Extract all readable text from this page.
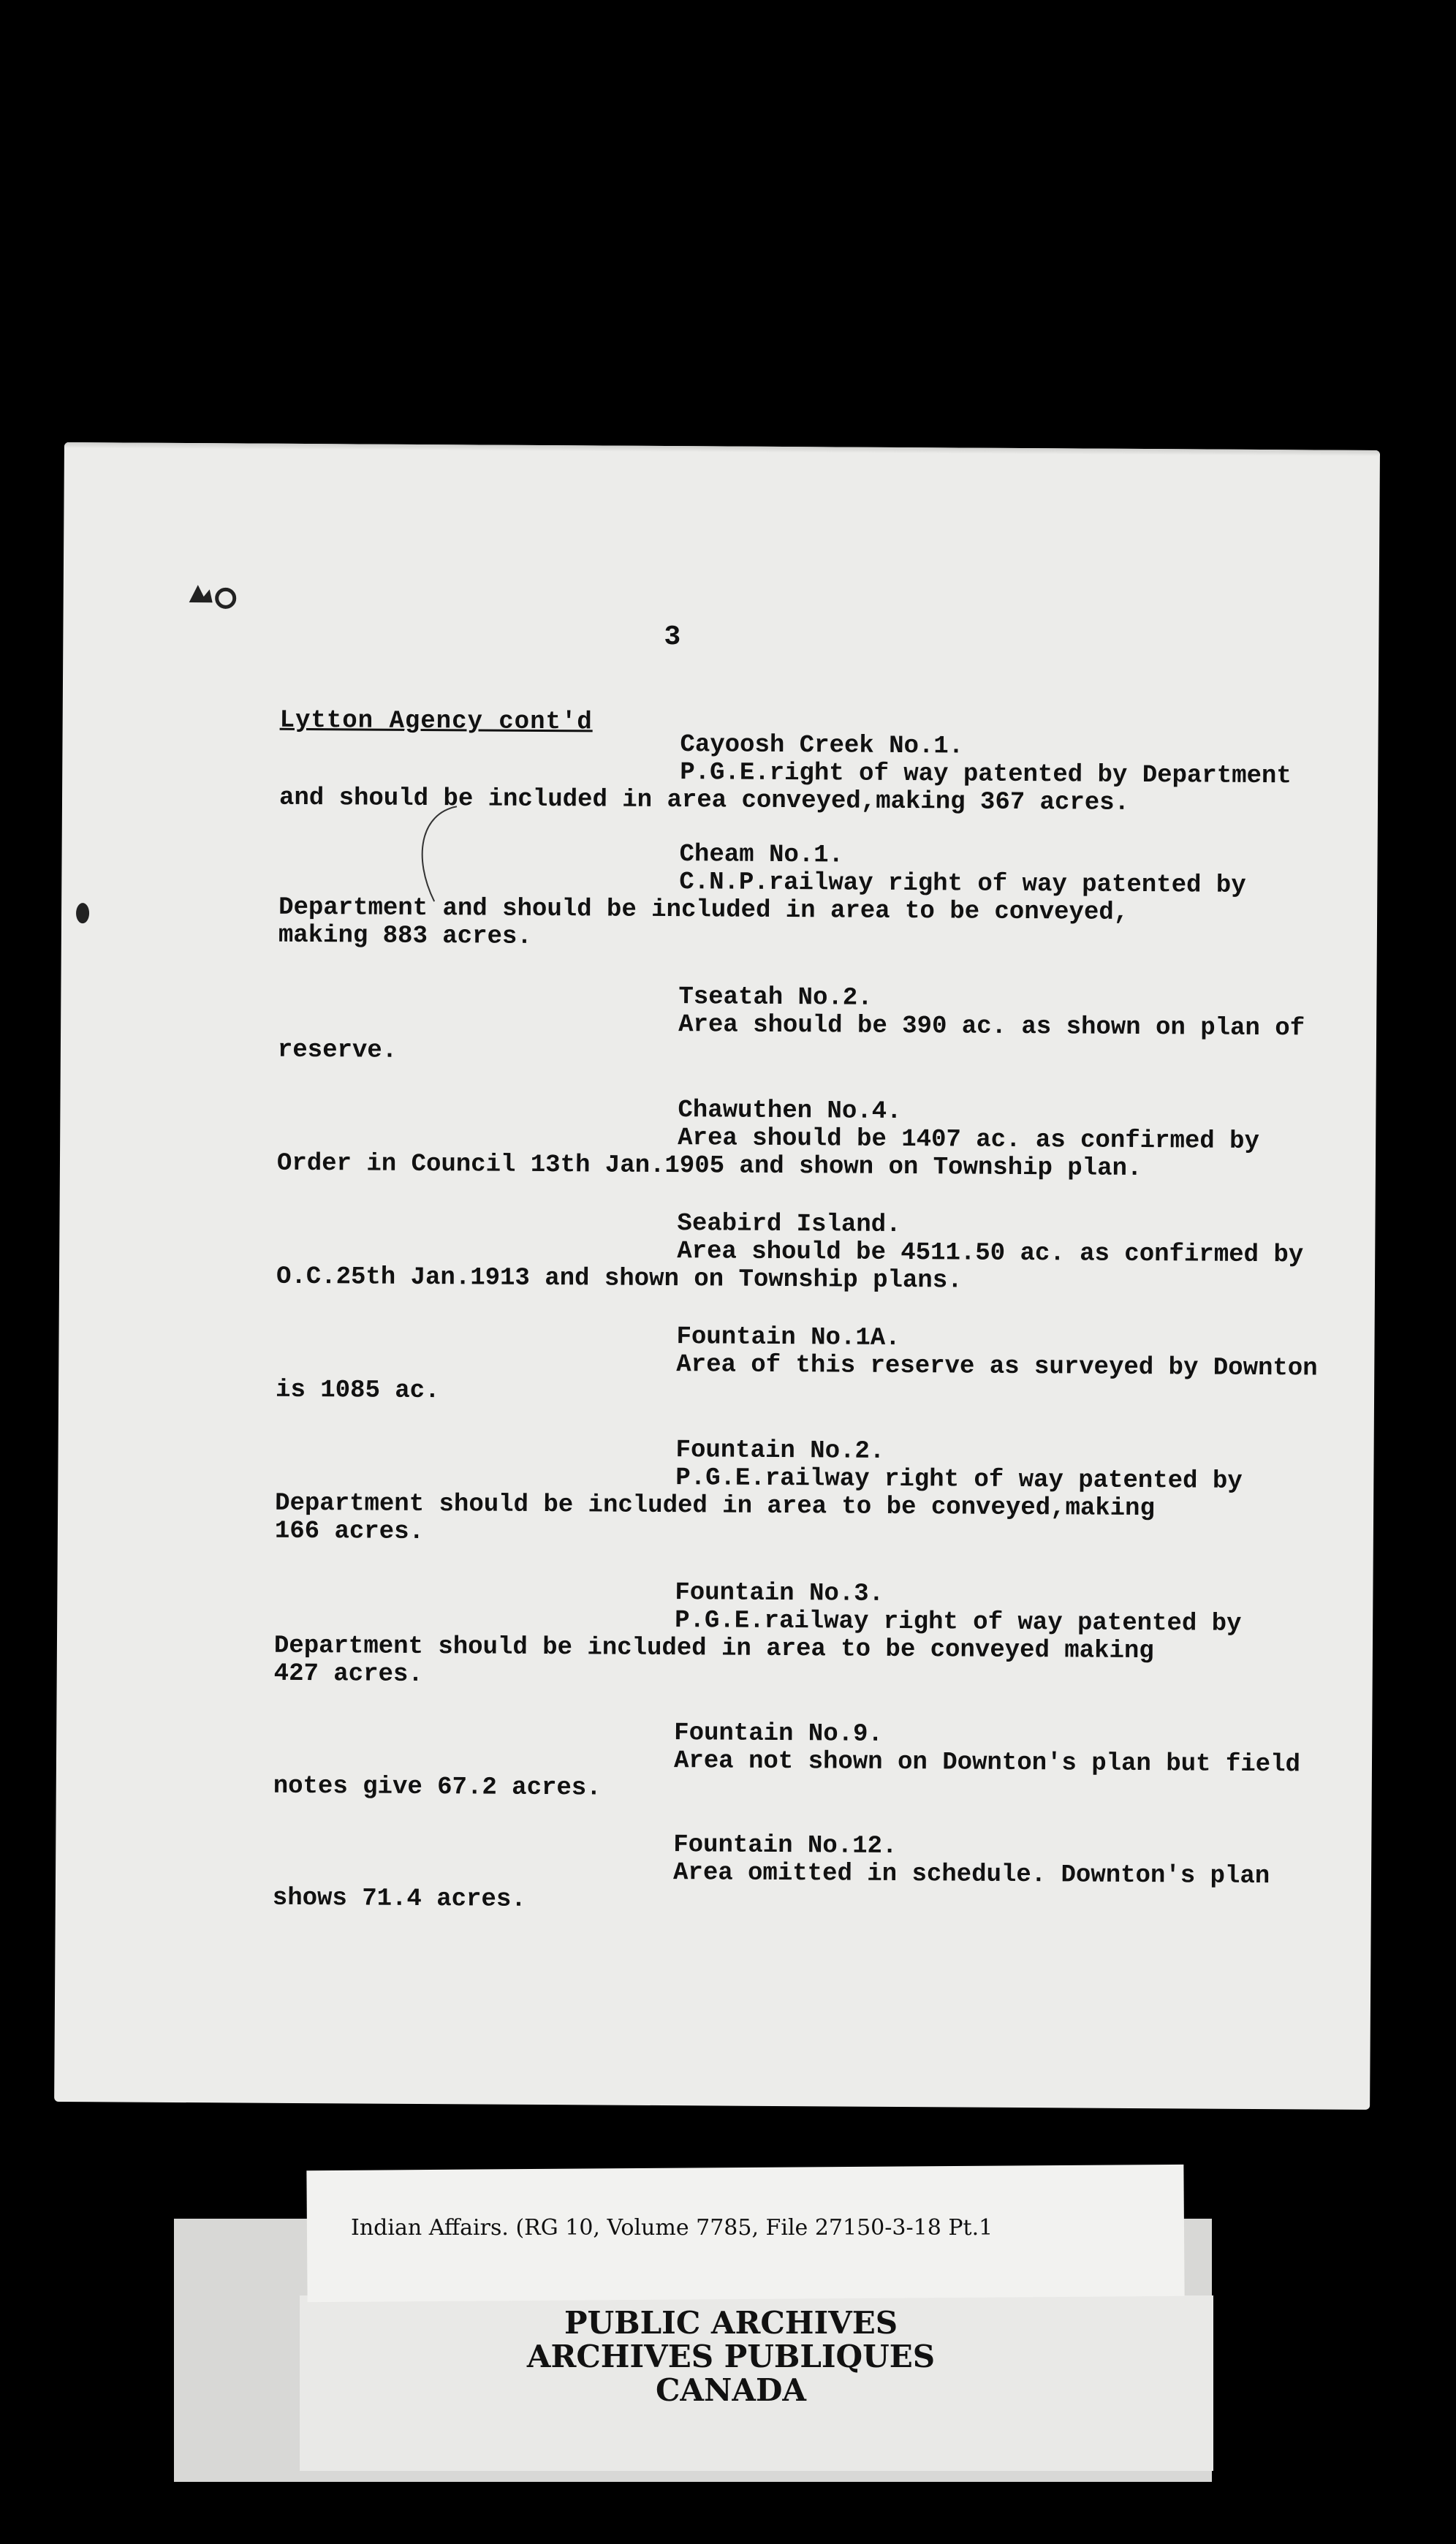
3
Lytton Agency cont'd
Cayoosh Creek No.1.
P.G.E.right of way patented by Department
and should be included in area conveyed,making 367 acres.
Cheam No.1.
C.N.P.railway right of way patented by
Department and should be included in area to be conveyed,
making 883 acres.
Tseatah No.2.
Area should be 390 ac. as shown on plan of
reserve.
Chawuthen No.4.
Area should be 1407 ac. as confirmed by
Order in Council 13th Jan.1905 and shown on Township plan.
Seabird Island.
Area should be 4511.50 ac. as confirmed by
O.C.25th Jan.1913 and shown on Township plans.
Fountain No.1A.
Area of this reserve as surveyed by Downton
is 1085 ac.
Fountain No.2.
P.G.E.railway right of way patented by
Department should be included in area to be conveyed,making
166 acres.
Fountain No.3.
P.G.E.railway right of way patented by
Department should be included in area to be conveyed making
427 acres.
Fountain No.9.
Area not shown on Downton's plan but field
notes give 67.2 acres.
Fountain No.12.
Area omitted in schedule. Downton's plan
shows 71.4 acres.
Indian Affairs. (RG 10, Volume 7785, File 27150-3-18 Pt.1
PUBLIC ARCHIVES
ARCHIVES PUBLIQUES
CANADA
